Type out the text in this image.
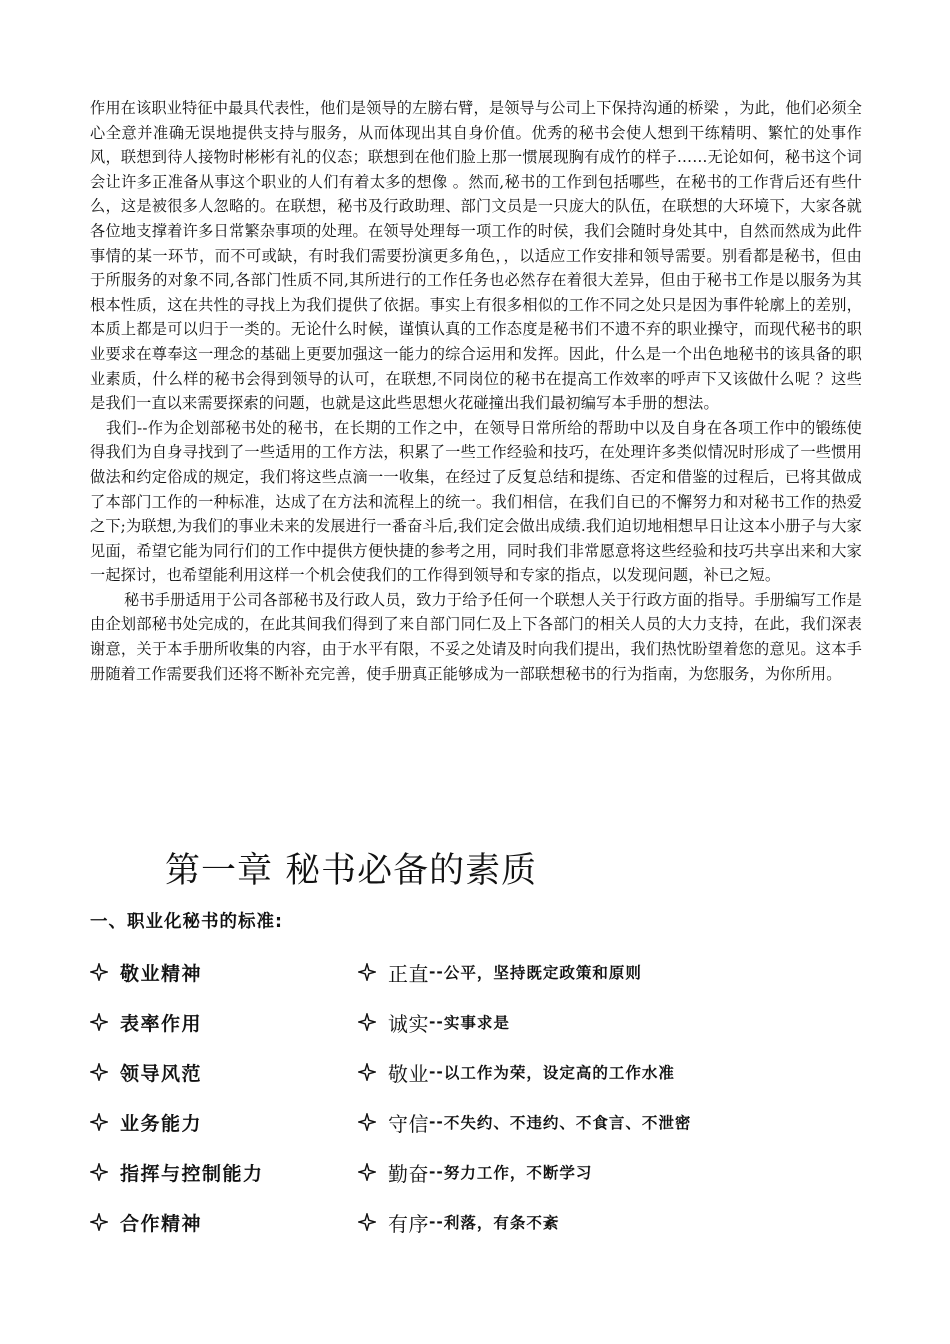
作用在该职业特征中最具代表性，他们是领导的左膀右臂，是领导与公司上下保持沟通的桥梁 ，为此，他们必须全心全意并准确无误地提供支持与服务，从而体现出其自身价值。优秀的秘书会使人想到干练精明、繁忙的处事作风，联想到待人接物时彬彬有礼的仪态；联想到在他们脸上那一惯展现胸有成竹的样子……无论如何，秘书这个词会让许多正准备从事这个职业的人们有着太多的想像 。然而,秘书的工作到包括哪些，在秘书的工作背后还有些什么，这是被很多人忽略的。在联想，秘书及行政助理、部门文员是一只庞大的队伍，在联想的大环境下，大家各就各位地支撑着许多日常繁杂事项的处理。在领导处理每一项工作的时侯，我们会随时身处其中，自然而然成为此件事情的某一环节，而不可或缺，有时我们需要扮演更多角色，，以适应工作安排和领导需要。别看都是秘书，但由于所服务的对象不同,各部门性质不同,其所进行的工作任务也必然存在着很大差异，但由于秘书工作是以服务为其根本性质，这在共性的寻找上为我们提供了依据。事实上有很多相似的工作不同之处只是因为事件轮廓上的差别，本质上都是可以归于一类的。无论什么时候，谨慎认真的工作态度是秘书们不遗不弃的职业操守，而现代秘书的职业要求在尊奉这一理念的基础上更要加强这一能力的综合运用和发挥。因此，什么是一个出色地秘书的该具备的职业素质，什么样的秘书会得到领导的认可，在联想,不同岗位的秘书在提高工作效率的呼声下又该做什么呢 ？这些是我们一直以来需要探索的问题，也就是这此些思想火花碰撞出我们最初编写本手册的想法。

我们--作为企划部秘书处的秘书，在长期的工作之中，在领导日常所给的帮助中以及自身在各项工作中的锻练使得我们为自身寻找到了一些适用的工作方法，积累了一些工作经验和技巧，在处理许多类似情况时形成了一些惯用做法和约定俗成的规定，我们将这些点滴一一收集，在经过了反复总结和提练、否定和借鉴的过程后，已将其做成了本部门工作的一种标准，达成了在方法和流程上的统一。我们相信，在我们自已的不懈努力和对秘书工作的热爱之下;为联想,为我们的事业未来的发展进行一番奋斗后,我们定会做出成绩.我们迫切地相想早日让这本小册子与大家见面，希望它能为同行们的工作中提供方便快捷的参考之用，同时我们非常愿意将这些经验和技巧共享出来和大家一起探讨，也希望能利用这样一个机会使我们的工作得到领导和专家的指点，以发现问题，补已之短。

秘书手册适用于公司各部秘书及行政人员，致力于给予任何一个联想人关于行政方面的指导。手册编写工作是由企划部秘书处完成的，在此其间我们得到了来自部门同仁及上下各部门的相关人员的大力支持，在此，我们深表谢意，关于本手册所收集的内容，由于水平有限，不妥之处请及时向我们提出，我们热忱盼望着您的意见。这本手册随着工作需要我们还将不断补充完善，使手册真正能够成为一部联想秘书的行为指南，为您服务，为你所用。

第一章 秘书必备的素质
一、职业化秘书的标准:
敬业精神	正直 -- 公平，坚持既定政策和原则
表率作用	诚实 -- 实事求是
领导风范	敬业 -- 以工作为荣，设定高的工作水准
业务能力	守信 -- 不失约、不违约、不食言、不泄密
指挥与控制能力	勤奋 -- 努力工作，不断学习
合作精神	有序 -- 利落，有条不紊
